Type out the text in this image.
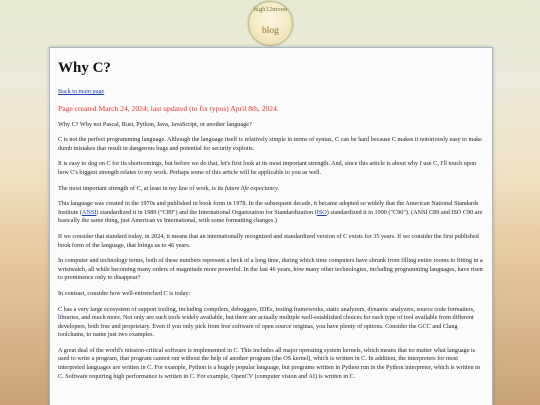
high12moon
blog
Why C?

Back to main page

Page created March 24, 2024; last updated (to fix typos) April 8th, 2024.

Why C? Why not Pascal, Rust, Python, Java, JavaScript, or another language?

C is not the perfect programming language. Although the language itself is relatively simple in terms of syntax, C can be hard because C makes it notoriously easy to make dumb mistakes that result in dangerous bugs and potential for security exploits.

It is easy to dog on C for its shortcomings, but before we do that, let's first look at its most important strength. And, since this article is about why I use C, I'll touch upon how C's biggest strength relates to my work. Perhaps some of this article will be applicable to you as well.

The most important strength of C, at least in my line of work, is its future life expectancy.

This language was created in the 1970s and published in book form in 1978. In the subsequent decade, it became adopted so widely that the American National Standards Institute (ANSI) standardized it in 1989 ("C89") and the International Organization for Standardization (ISO) standardized it in 1990 ("C90"). (ANSI C89 and ISO C90 are basically the same thing, just American vs International, with some formatting changes.)

If we consider that standard today, in 2024, it means that an internationally recognized and standardized version of C exists for 35 years. If we consider the first published book form of the language, that brings us to 46 years.

In computer and technology terms, both of these numbers represent a heck of a long time, during which time computers have shrunk from filling entire rooms to fitting in a wristwatch, all while becoming many orders of magnitude more powerful. In the last 46 years, how many other technologies, including programming languages, have risen to prominence only to disappear?

In contrast, consider how well-entrenched C is today:

C has a very large ecosystem of support tooling, including compilers, debuggers, IDEs, testing frameworks, static analyzers, dynamic analyzers, source code formatters, libraries, and much more. Not only are such tools widely available, but there are actually multiple well-established choices for each type of tool available from different developers, both free and proprietary. Even if you only pick from free software of open source originas, you have plenty of options. Consider the GCC and Clang toolchains, to name just two examples.

A great deal of the world's mission-critical software is implemented in C. This includes all major operating system kernels, which means that no matter what language is used to write a program, that program cannot run without the help of another program (the OS kernel), which is written in C. In addition, the interpreters for most interpreted languages are written in C. For example, Python is a hugely popular language, but programs written in Python run in the Python interpreter, which is written in C. Software requiring high performance is written in C. For example, OpenCV (computer vision and AI) is written in C.
